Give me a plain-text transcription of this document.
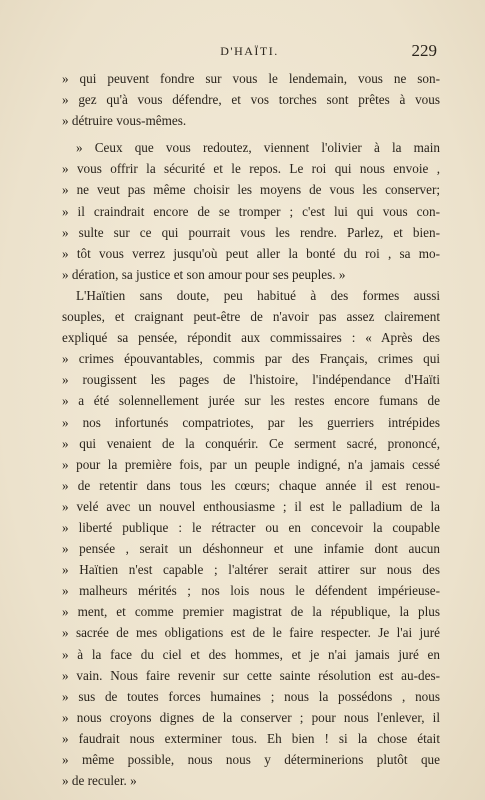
D'HAÏTI.	229
» qui peuvent fondre sur vous le lendemain, vous ne son-
» gez qu'à vous défendre, et vos torches sont prêtes à vous
» détruire vous-mêmes.
» Ceux que vous redoutez, viennent l'olivier à la main
» vous offrir la sécurité et le repos. Le roi qui nous envoie ,
» ne veut pas même choisir les moyens de vous les conserver;
» il craindrait encore de se tromper ; c'est lui qui vous con-
» sulte sur ce qui pourrait vous les rendre. Parlez, et bien-
» tôt vous verrez jusqu'où peut aller la bonté du roi , sa mo-
» dération, sa justice et son amour pour ses peuples. »
L'Haïtien sans doute, peu habitué à des formes aussi
souples, et craignant peut-être de n'avoir pas assez clairement
expliqué sa pensée, répondit aux commissaires : « Après des
» crimes épouvantables, commis par des Français, crimes qui
» rougissent les pages de l'histoire, l'indépendance d'Haïti
» a été solennellement jurée sur les restes encore fumans de
» nos infortunés compatriotes, par les guerriers intrépides
» qui venaient de la conquérir. Ce serment sacré, prononcé,
» pour la première fois, par un peuple indigné, n'a jamais cessé
» de retentir dans tous les cœurs; chaque année il est renou-
» velé avec un nouvel enthousiasme ; il est le palladium de la
» liberté publique : le rétracter ou en concevoir la coupable
» pensée , serait un déshonneur et une infamie dont aucun
» Haïtien n'est capable ; l'altérer serait attirer sur nous des
» malheurs mérités ; nos lois nous le défendent impérieuse-
» ment, et comme premier magistrat de la république, la plus
» sacrée de mes obligations est de le faire respecter. Je l'ai juré
» à la face du ciel et des hommes, et je n'ai jamais juré en
» vain. Nous faire revenir sur cette sainte résolution est au-des-
» sus de toutes forces humaines ; nous la possédons , nous
» nous croyons dignes de la conserver ; pour nous l'enlever, il
» faudrait nous exterminer tous. Eh bien ! si la chose était
» même possible, nous nous y déterminerions plutôt que
» de reculer. »
